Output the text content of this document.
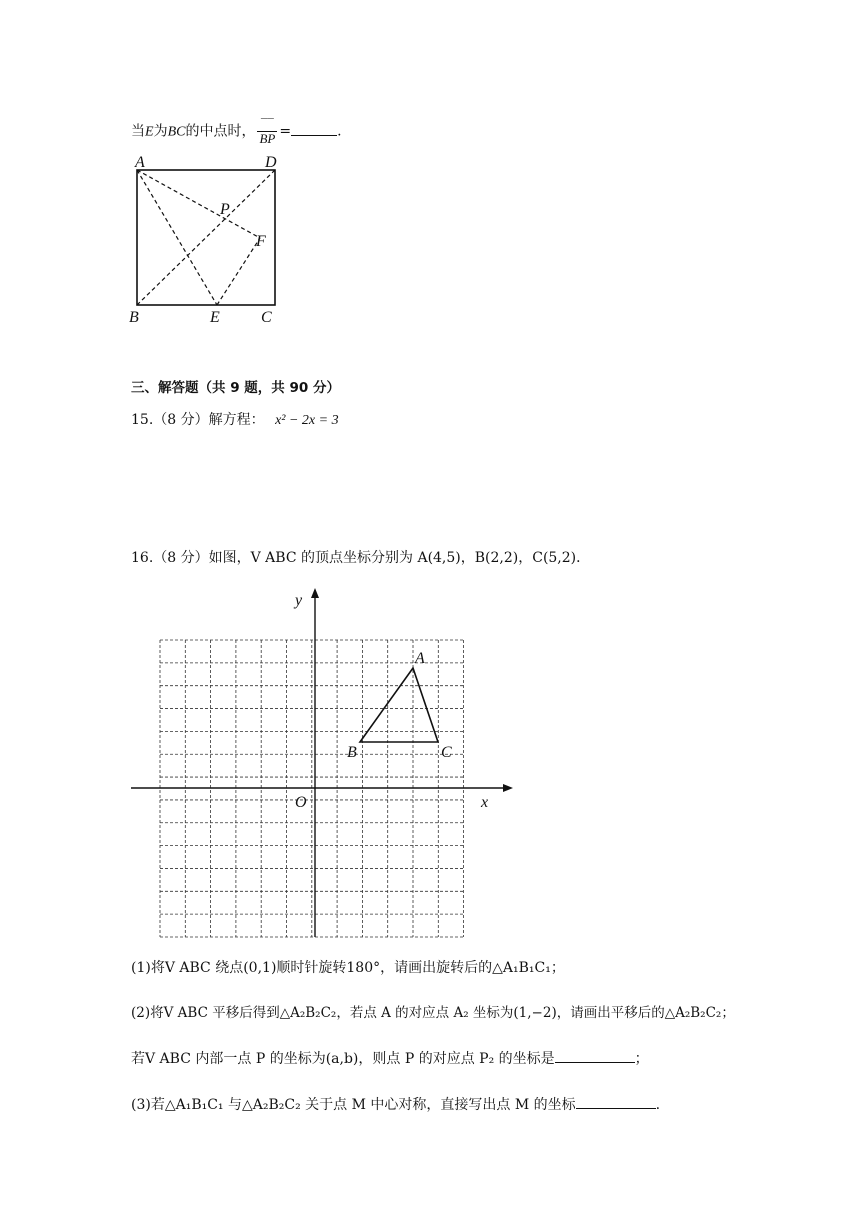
当E为BC的中点时， $\frac{‾‾}{BP}$ =	.
A	D
P
F
B	E	C
三、解答题（共 9 题，共 90 分）
15.（8 分）解方程： x² − 2x = 3
16.（8 分）如图，V ABC 的顶点坐标分别为 A(4,5)，B(2,2)，C(5,2)．
y
x
O
A
B	C
(1)将V ABC 绕点(0,1)顺时针旋转180°，请画出旋转后的△A₁B₁C₁；
(2)将V ABC 平移后得到△A₂B₂C₂，若点 A 的对应点 A₂ 坐标为(1,−2)，请画出平移后的△A₂B₂C₂；
若V ABC 内部一点 P 的坐标为(a,b)，则点 P 的对应点 P₂ 的坐标是	；
(3)若△A₁B₁C₁ 与△A₂B₂C₂ 关于点 M 中心对称，直接写出点 M 的坐标	.
